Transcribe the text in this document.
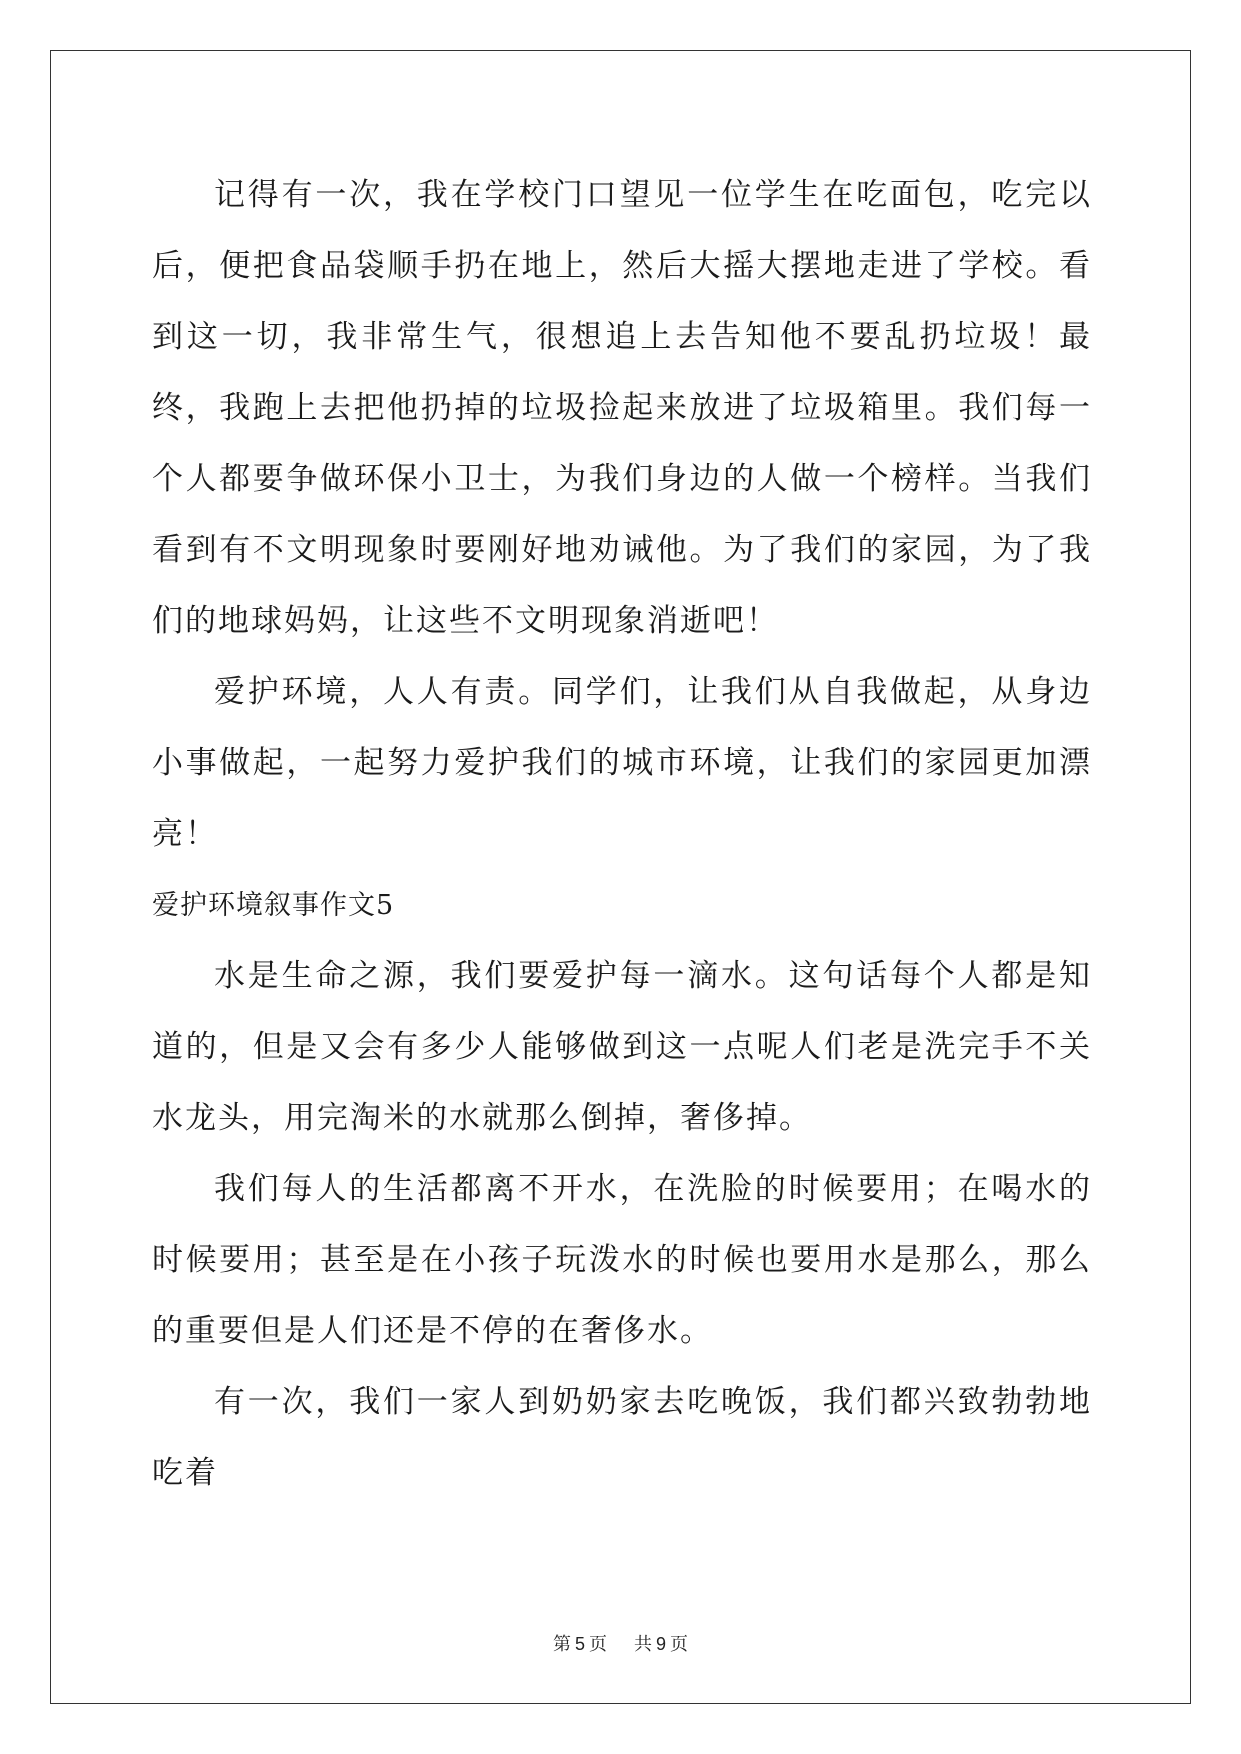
记得有一次，我在学校门口望见一位学生在吃面包，吃完以后，便把食品袋顺手扔在地上，然后大摇大摆地走进了学校。看到这一切，我非常生气，很想追上去告知他不要乱扔垃圾！最终，我跑上去把他扔掉的垃圾捡起来放进了垃圾箱里。我们每一个人都要争做环保小卫士，为我们身边的人做一个榜样。当我们看到有不文明现象时要刚好地劝诫他。为了我们的家园，为了我们的地球妈妈，让这些不文明现象消逝吧！

爱护环境，人人有责。同学们，让我们从自我做起，从身边小事做起，一起努力爱护我们的城市环境，让我们的家园更加漂亮！

爱护环境叙事作文5

水是生命之源，我们要爱护每一滴水。这句话每个人都是知道的，但是又会有多少人能够做到这一点呢人们老是洗完手不关水龙头，用完淘米的水就那么倒掉，奢侈掉。

我们每人的生活都离不开水，在洗脸的时候要用；在喝水的时候要用；甚至是在小孩子玩泼水的时候也要用水是那么，那么的重要但是人们还是不停的在奢侈水。

有一次，我们一家人到奶奶家去吃晚饭，我们都兴致勃勃地吃着

第 5 页 共 9 页
